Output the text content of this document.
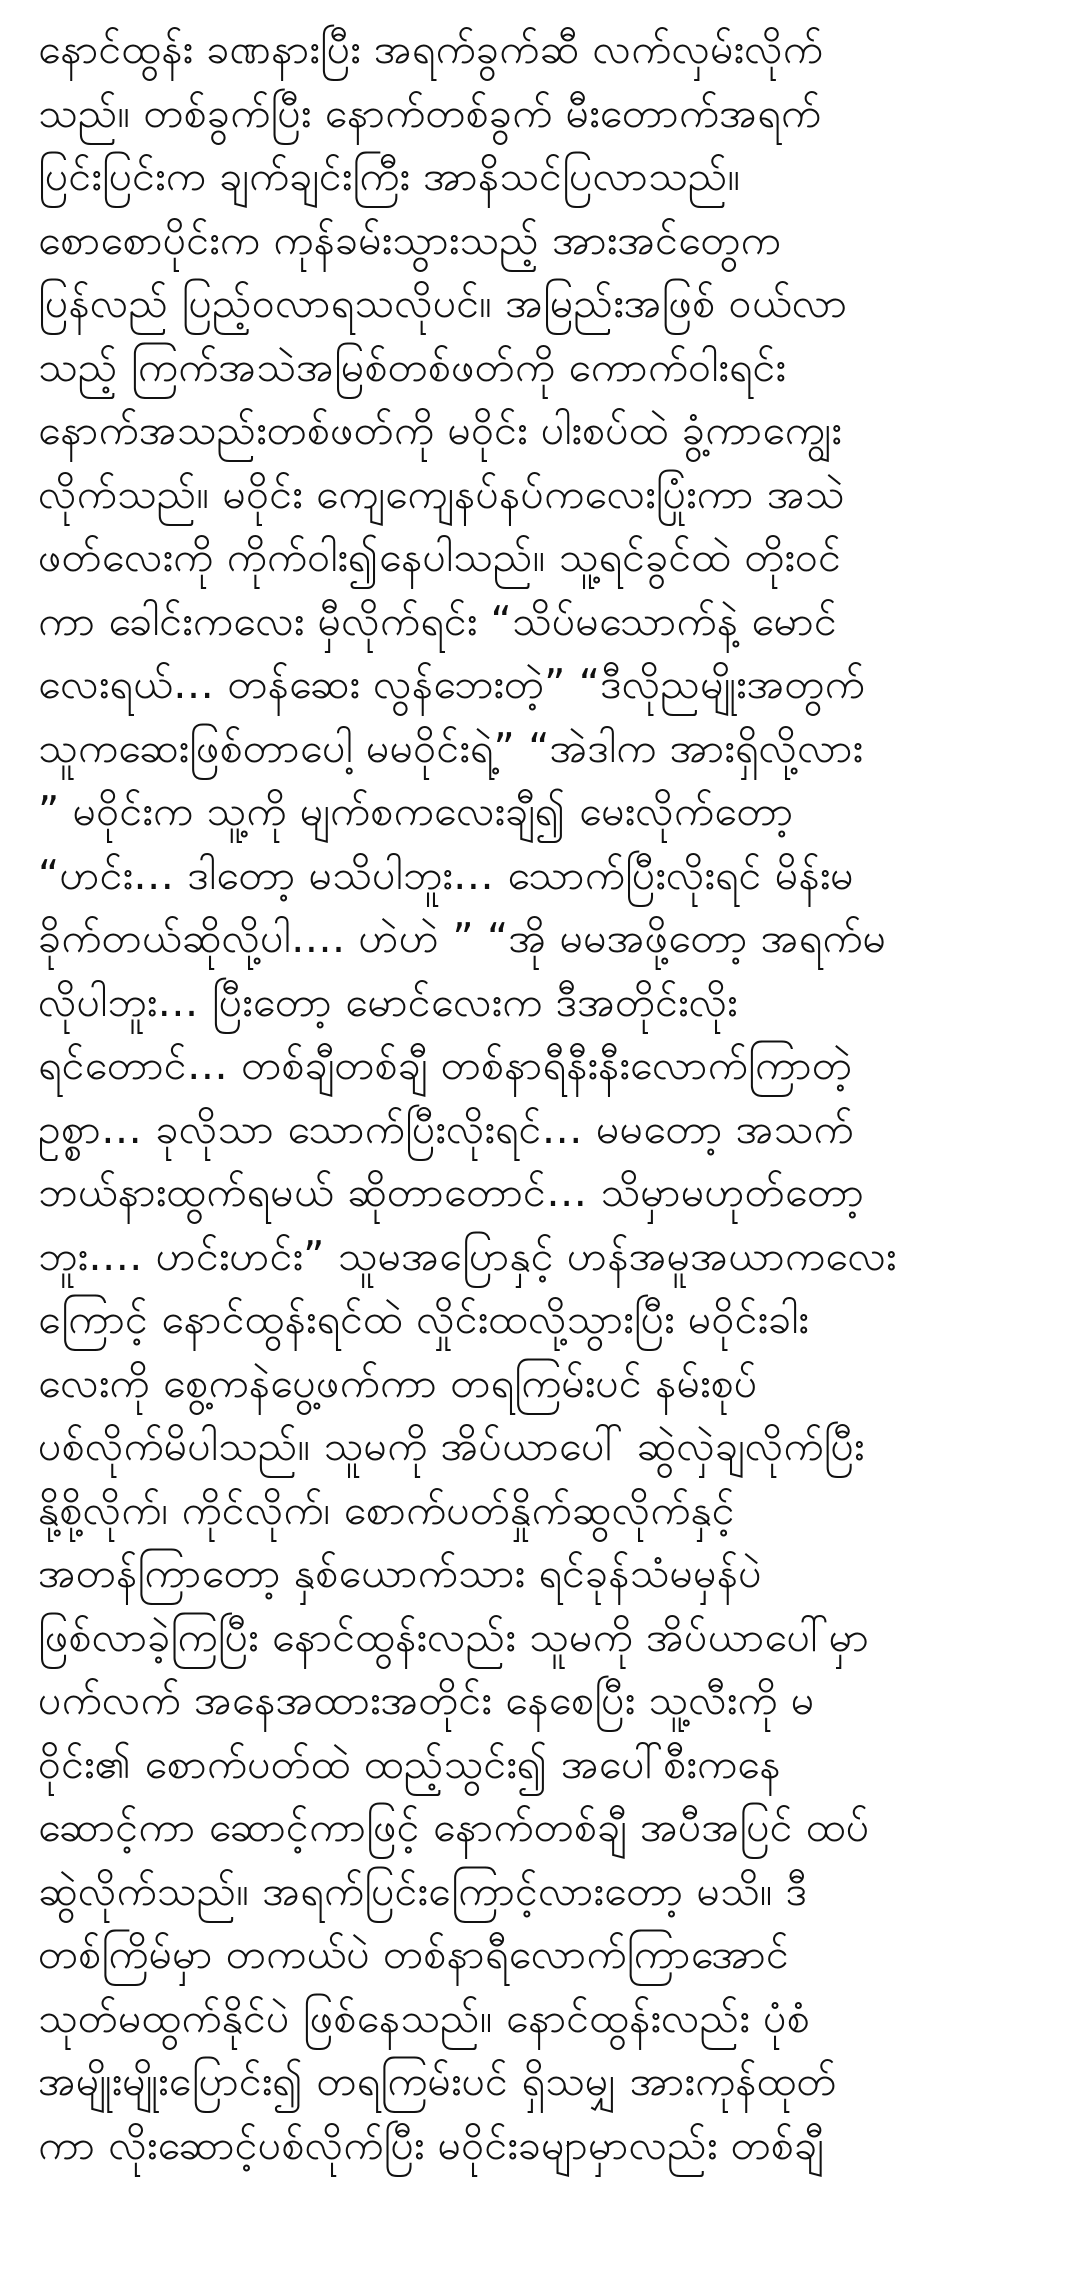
နောင်ထွန်း ခဏနားပြီး အရက်ခွက်ဆီ လက်လှမ်းလိုက်
သည်။ တစ်ခွက်ပြီး နောက်တစ်ခွက် မီးတောက်အရက်
ပြင်းပြင်းက ချက်ချင်းကြီး အာနိသင်ပြလာသည်။
စောစောပိုင်းက ကုန်ခမ်းသွားသည့် အားအင်တွေက
ပြန်လည် ပြည့်ဝလာရသလိုပင်။ အမြည်းအဖြစ် ဝယ်လာ
သည့် ကြက်အသဲအမြစ်တစ်ဖတ်ကို ကောက်ဝါးရင်း
နောက်အသည်းတစ်ဖတ်ကို မဝိုင်း ပါးစပ်ထဲ ခွံ့ကာကျွေး
လိုက်သည်။ မဝိုင်း ကျေကျေနပ်နပ်ကလေးပြုံးကာ အသဲ
ဖတ်လေးကို ကိုက်ဝါး၍နေပါသည်။ သူ့ရင်ခွင်ထဲ တိုးဝင်
ကာ ခေါင်းကလေး မှီလိုက်ရင်း “သိပ်မသောက်နဲ့ မောင်
လေးရယ်… တန်ဆေး လွန်ဘေးတဲ့” “ဒီလိုညမျိုးအတွက်
သူကဆေးဖြစ်တာပေါ့ မမဝိုင်းရဲ့” “အဲဒါက အားရှိလို့လား
” မဝိုင်းက သူ့ကို မျက်စကလေးချီ၍ မေးလိုက်တော့
“ဟင်း… ဒါတော့ မသိပါဘူး… သောက်ပြီးလိုးရင် မိန်းမ
ခိုက်တယ်ဆိုလို့ပါ…. ဟဲဟဲ ” “အို မမအဖို့တော့ အရက်မ
လိုပါဘူး… ပြီးတော့ မောင်လေးက ဒီအတိုင်းလိုး
ရင်တောင်… တစ်ချီတစ်ချီ တစ်နာရီနီးနီးလောက်ကြာတဲ့
ဥစ္စာ… ခုလိုသာ သောက်ပြီးလိုးရင်… မမတော့ အသက်
ဘယ်နားထွက်ရမယ် ဆိုတာတောင်… သိမှာမဟုတ်တော့
ဘူး…. ဟင်းဟင်း” သူမအပြောနှင့် ဟန်အမူအယာကလေး
ကြောင့် နောင်ထွန်းရင်ထဲ လှိုင်းထလို့သွားပြီး မဝိုင်းခါး
လေးကို စွေ့ကနဲပွေ့ဖက်ကာ တရကြမ်းပင် နမ်းစုပ်
ပစ်လိုက်မိပါသည်။ သူမကို အိပ်ယာပေါ် ဆွဲလှဲချလိုက်ပြီး
နို့စို့လိုက်၊ ကိုင်လိုက်၊ စောက်ပတ်နှိုက်ဆွလိုက်နှင့်
အတန်ကြာတော့ နှစ်ယောက်သား ရင်ခုန်သံမမှန်ပဲ
ဖြစ်လာခဲ့ကြပြီး နောင်ထွန်းလည်း သူမကို အိပ်ယာပေါ်မှာ
ပက်လက် အနေအထားအတိုင်း နေစေပြီး သူ့လီးကို မ
ဝိုင်း၏ စောက်ပတ်ထဲ ထည့်သွင်း၍ အပေါ်စီးကနေ
ဆောင့်ကာ ဆောင့်ကာဖြင့် နောက်တစ်ချီ အပီအပြင် ထပ်
ဆွဲလိုက်သည်။ အရက်ပြင်းကြောင့်လားတော့ မသိ။ ဒီ
တစ်ကြိမ်မှာ တကယ်ပဲ တစ်နာရီလောက်ကြာအောင်
သုတ်မထွက်နိုင်ပဲ ဖြစ်နေသည်။ နောင်ထွန်းလည်း ပုံစံ
အမျိုးမျိုးပြောင်း၍ တရကြမ်းပင် ရှိသမျှ အားကုန်ထုတ်
ကာ လိုးဆောင့်ပစ်လိုက်ပြီး မဝိုင်းခမျာမှာလည်း တစ်ချီ
